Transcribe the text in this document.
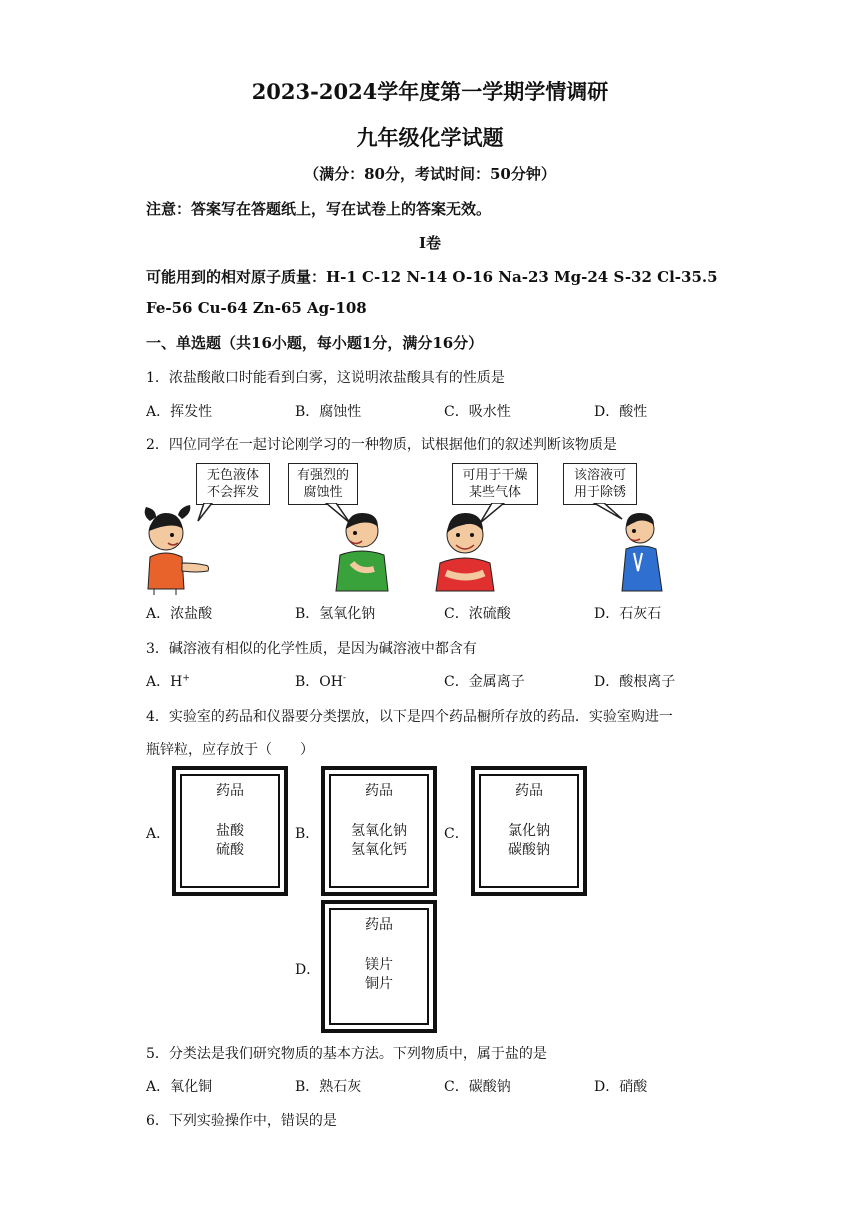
2023-2024学年度第一学期学情调研
九年级化学试题
（满分：80分，考试时间：50分钟）
注意：答案写在答题纸上，写在试卷上的答案无效。
I卷
可能用到的相对原子质量：H-1 C-12 N-14 O-16 Na-23 Mg-24 S-32 Cl-35.5
Fe-56 Cu-64 Zn-65 Ag-108
一、单选题（共16小题，每小题1分，满分16分）
1．浓盐酸敞口时能看到白雾，这说明浓盐酸具有的性质是
A．挥发性	B．腐蚀性	C．吸水性	D．酸性
2．四位同学在一起讨论刚学习的一种物质，试根据他们的叙述判断该物质是
无色液体
不会挥发
有强烈的
腐蚀性
可用于干燥
某些气体
该溶液可
用于除锈
A．浓盐酸	B．氢氧化钠	C．浓硫酸	D．石灰石
3．碱溶液有相似的化学性质，是因为碱溶液中都含有
A．H+	B．OH-	C．金属离子	D．酸根离子
4．实验室的药品和仪器要分类摆放，以下是四个药品橱所存放的药品．实验室购进一
瓶锌粒，应存放于（　　）
A．
药品
盐酸
硫酸
B．
药品
氢氧化钠
氢氧化钙
C．
药品
氯化钠
碳酸钠
D．
药品
镁片
铜片
5．分类法是我们研究物质的基本方法。下列物质中，属于盐的是
A．氧化铜	B．熟石灰	C．碳酸钠	D．硝酸
6．下列实验操作中，错误的是
